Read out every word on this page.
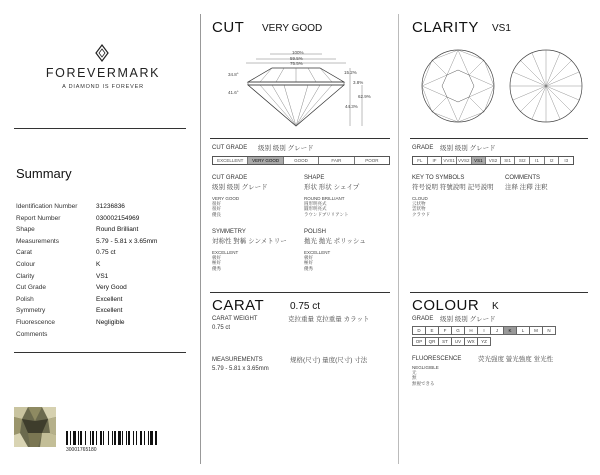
FOREVERMARK
A DIAMOND IS FOREVER
Summary
Identification Number	31236836
Report Number	030002154969
Shape	Round Brilliant
Measurements	5.79 - 5.81 x 3.65mm
Carat	0.75 ct
Colour	K
Clarity	VS1
Cut Grade	Very Good
Polish	Excellent
Symmetry	Excellent
Fluorescence	Negligible
Comments
30001765180
CUT VERY GOOD
100%
59.5%
75.5%
34.8°
41.6°
15.2%
3.8%
62.9%
44.3%
CUT GRADE 级别 级别 グレード
EXCELLENT	VERY GOOD	GOOD	FAIR	POOR
CUT GRADE
级别 级别 グレード
VERY GOOD
很好
很好
優良
SHAPE
形状 形状 シェイプ
ROUND BRILLIANT
圆形明亮式
圓形明亮式
ラウンドブリリアント
SYMMETRY
対称性 對稱 シンメトリー
EXCELLENT
极好
極好
優秀
POLISH
拋光 拋光 ポリッシュ
EXCELLENT
极好
極好
優秀
CARAT	0.75 ct
CARAT WEIGHT	克拉重量 克拉重量 カラット
0.75 ct
MEASUREMENTS	规格(尺寸) 量度(尺寸) 寸法
5.79 - 5.81 x 3.65mm
CLARITY VS1
GRADE 级别 级别 グレード
FL	IF	VVS1 VVS2	VS1	VS2	SI1	SI2	I1	I2	I3
KEY TO SYMBOLS
符号说明 符號說明 記号説明
COMMENTS
注释 注釋 注釈
CLOUD
云状物
雲狀物
クラウド
COLOUR K
GRADE 级别 级别 グレード
D	E	F	G	H	I	J	K	L	M	N
OP	QR	ST	UV	WX	YZ
FLUORESCENCE	荧光强度 螢光強度 蛍光性
NEGLIGIBLE
无
無
無視できる
